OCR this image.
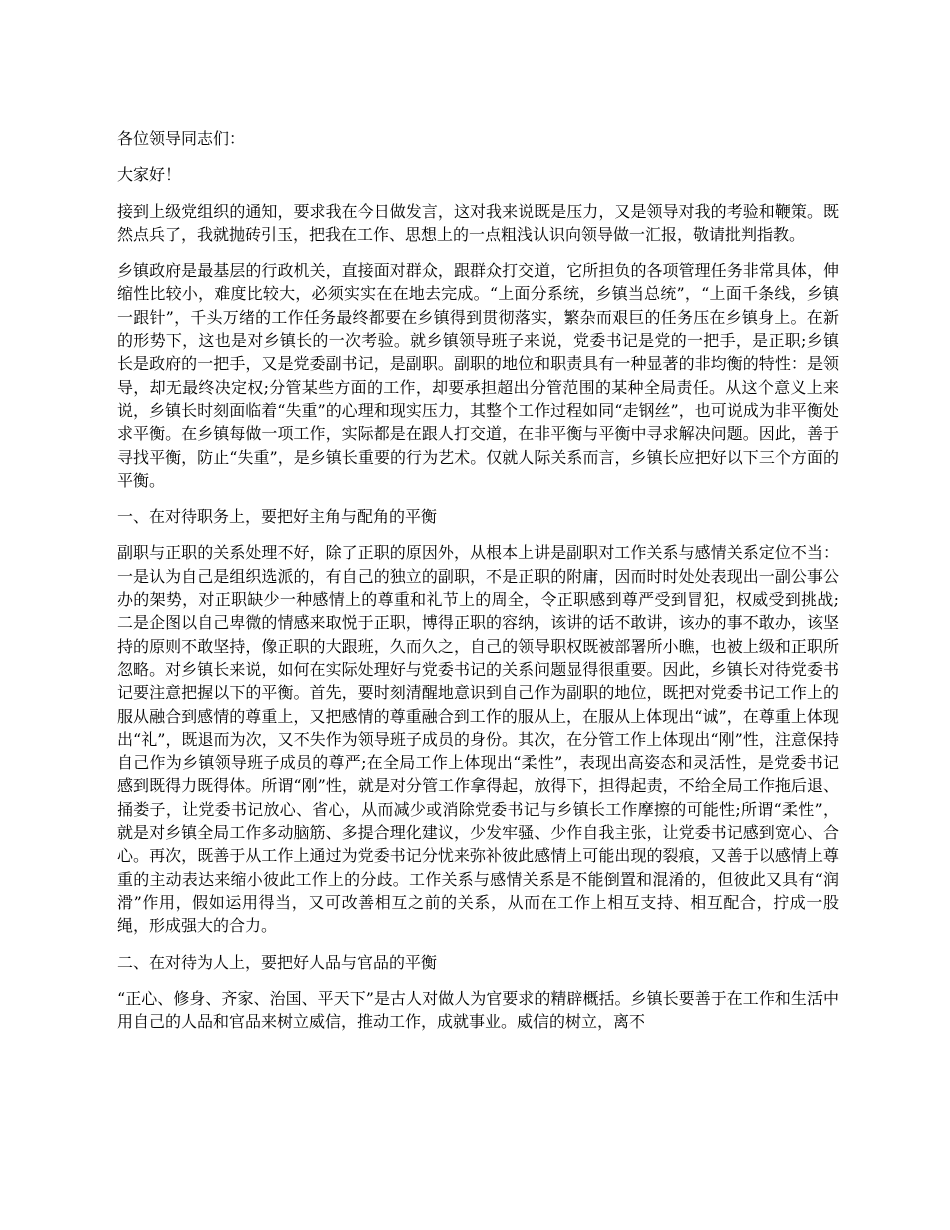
各位领导同志们：

大家好！

接到上级党组织的通知，要求我在今日做发言，这对我来说既是压力，又是领导对我的考验和鞭策。既然点兵了，我就抛砖引玉，把我在工作、思想上的一点粗浅认识向领导做一汇报，敬请批判指教。

乡镇政府是最基层的行政机关，直接面对群众，跟群众打交道，它所担负的各项管理任务非常具体，伸缩性比较小，难度比较大，必须实实在在地去完成。“上面分系统，乡镇当总统”，“上面千条线，乡镇一跟针”，千头万绪的工作任务最终都要在乡镇得到贯彻落实，繁杂而艰巨的任务压在乡镇身上。在新的形势下，这也是对乡镇长的一次考验。就乡镇领导班子来说，党委书记是党的一把手，是正职;乡镇长是政府的一把手，又是党委副书记，是副职。副职的地位和职责具有一种显著的非均衡的特性：是领导，却无最终决定权;分管某些方面的工作，却要承担超出分管范围的某种全局责任。从这个意义上来说，乡镇长时刻面临着“失重”的心理和现实压力，其整个工作过程如同“走钢丝”，也可说成为非平衡处求平衡。在乡镇每做一项工作，实际都是在跟人打交道，在非平衡与平衡中寻求解决问题。因此，善于寻找平衡，防止“失重”，是乡镇长重要的行为艺术。仅就人际关系而言，乡镇长应把好以下三个方面的平衡。

一、在对待职务上，要把好主角与配角的平衡

副职与正职的关系处理不好，除了正职的原因外，从根本上讲是副职对工作关系与感情关系定位不当：一是认为自己是组织选派的，有自己的独立的副职，不是正职的附庸，因而时时处处表现出一副公事公办的架势，对正职缺少一种感情上的尊重和礼节上的周全，令正职感到尊严受到冒犯，权威受到挑战;二是企图以自己卑微的情感来取悦于正职，博得正职的容纳，该讲的话不敢讲，该办的事不敢办，该坚持的原则不敢坚持，像正职的大跟班，久而久之，自己的领导职权既被部署所小瞧，也被上级和正职所忽略。对乡镇长来说，如何在实际处理好与党委书记的关系问题显得很重要。因此，乡镇长对待党委书记要注意把握以下的平衡。首先，要时刻清醒地意识到自己作为副职的地位，既把对党委书记工作上的服从融合到感情的尊重上，又把感情的尊重融合到工作的服从上，在服从上体现出“诚”，在尊重上体现出“礼”，既退而为次，又不失作为领导班子成员的身份。其次，在分管工作上体现出“刚”性，注意保持自己作为乡镇领导班子成员的尊严;在全局工作上体现出“柔性”，表现出高姿态和灵活性，是党委书记感到既得力既得体。所谓“刚”性，就是对分管工作拿得起，放得下，担得起责，不给全局工作拖后退、捅娄子，让党委书记放心、省心，从而减少或消除党委书记与乡镇长工作摩擦的可能性;所谓“柔性”，就是对乡镇全局工作多动脑筋、多提合理化建议，少发牢骚、少作自我主张，让党委书记感到宽心、合心。再次，既善于从工作上通过为党委书记分忧来弥补彼此感情上可能出现的裂痕，又善于以感情上尊重的主动表达来缩小彼此工作上的分歧。工作关系与感情关系是不能倒置和混淆的，但彼此又具有“润滑”作用，假如运用得当，又可改善相互之前的关系，从而在工作上相互支持、相互配合，拧成一股绳，形成强大的合力。

二、在对待为人上，要把好人品与官品的平衡

“正心、修身、齐家、治国、平天下”是古人对做人为官要求的精辟概括。乡镇长要善于在工作和生活中用自己的人品和官品来树立威信，推动工作，成就事业。威信的树立，离不
